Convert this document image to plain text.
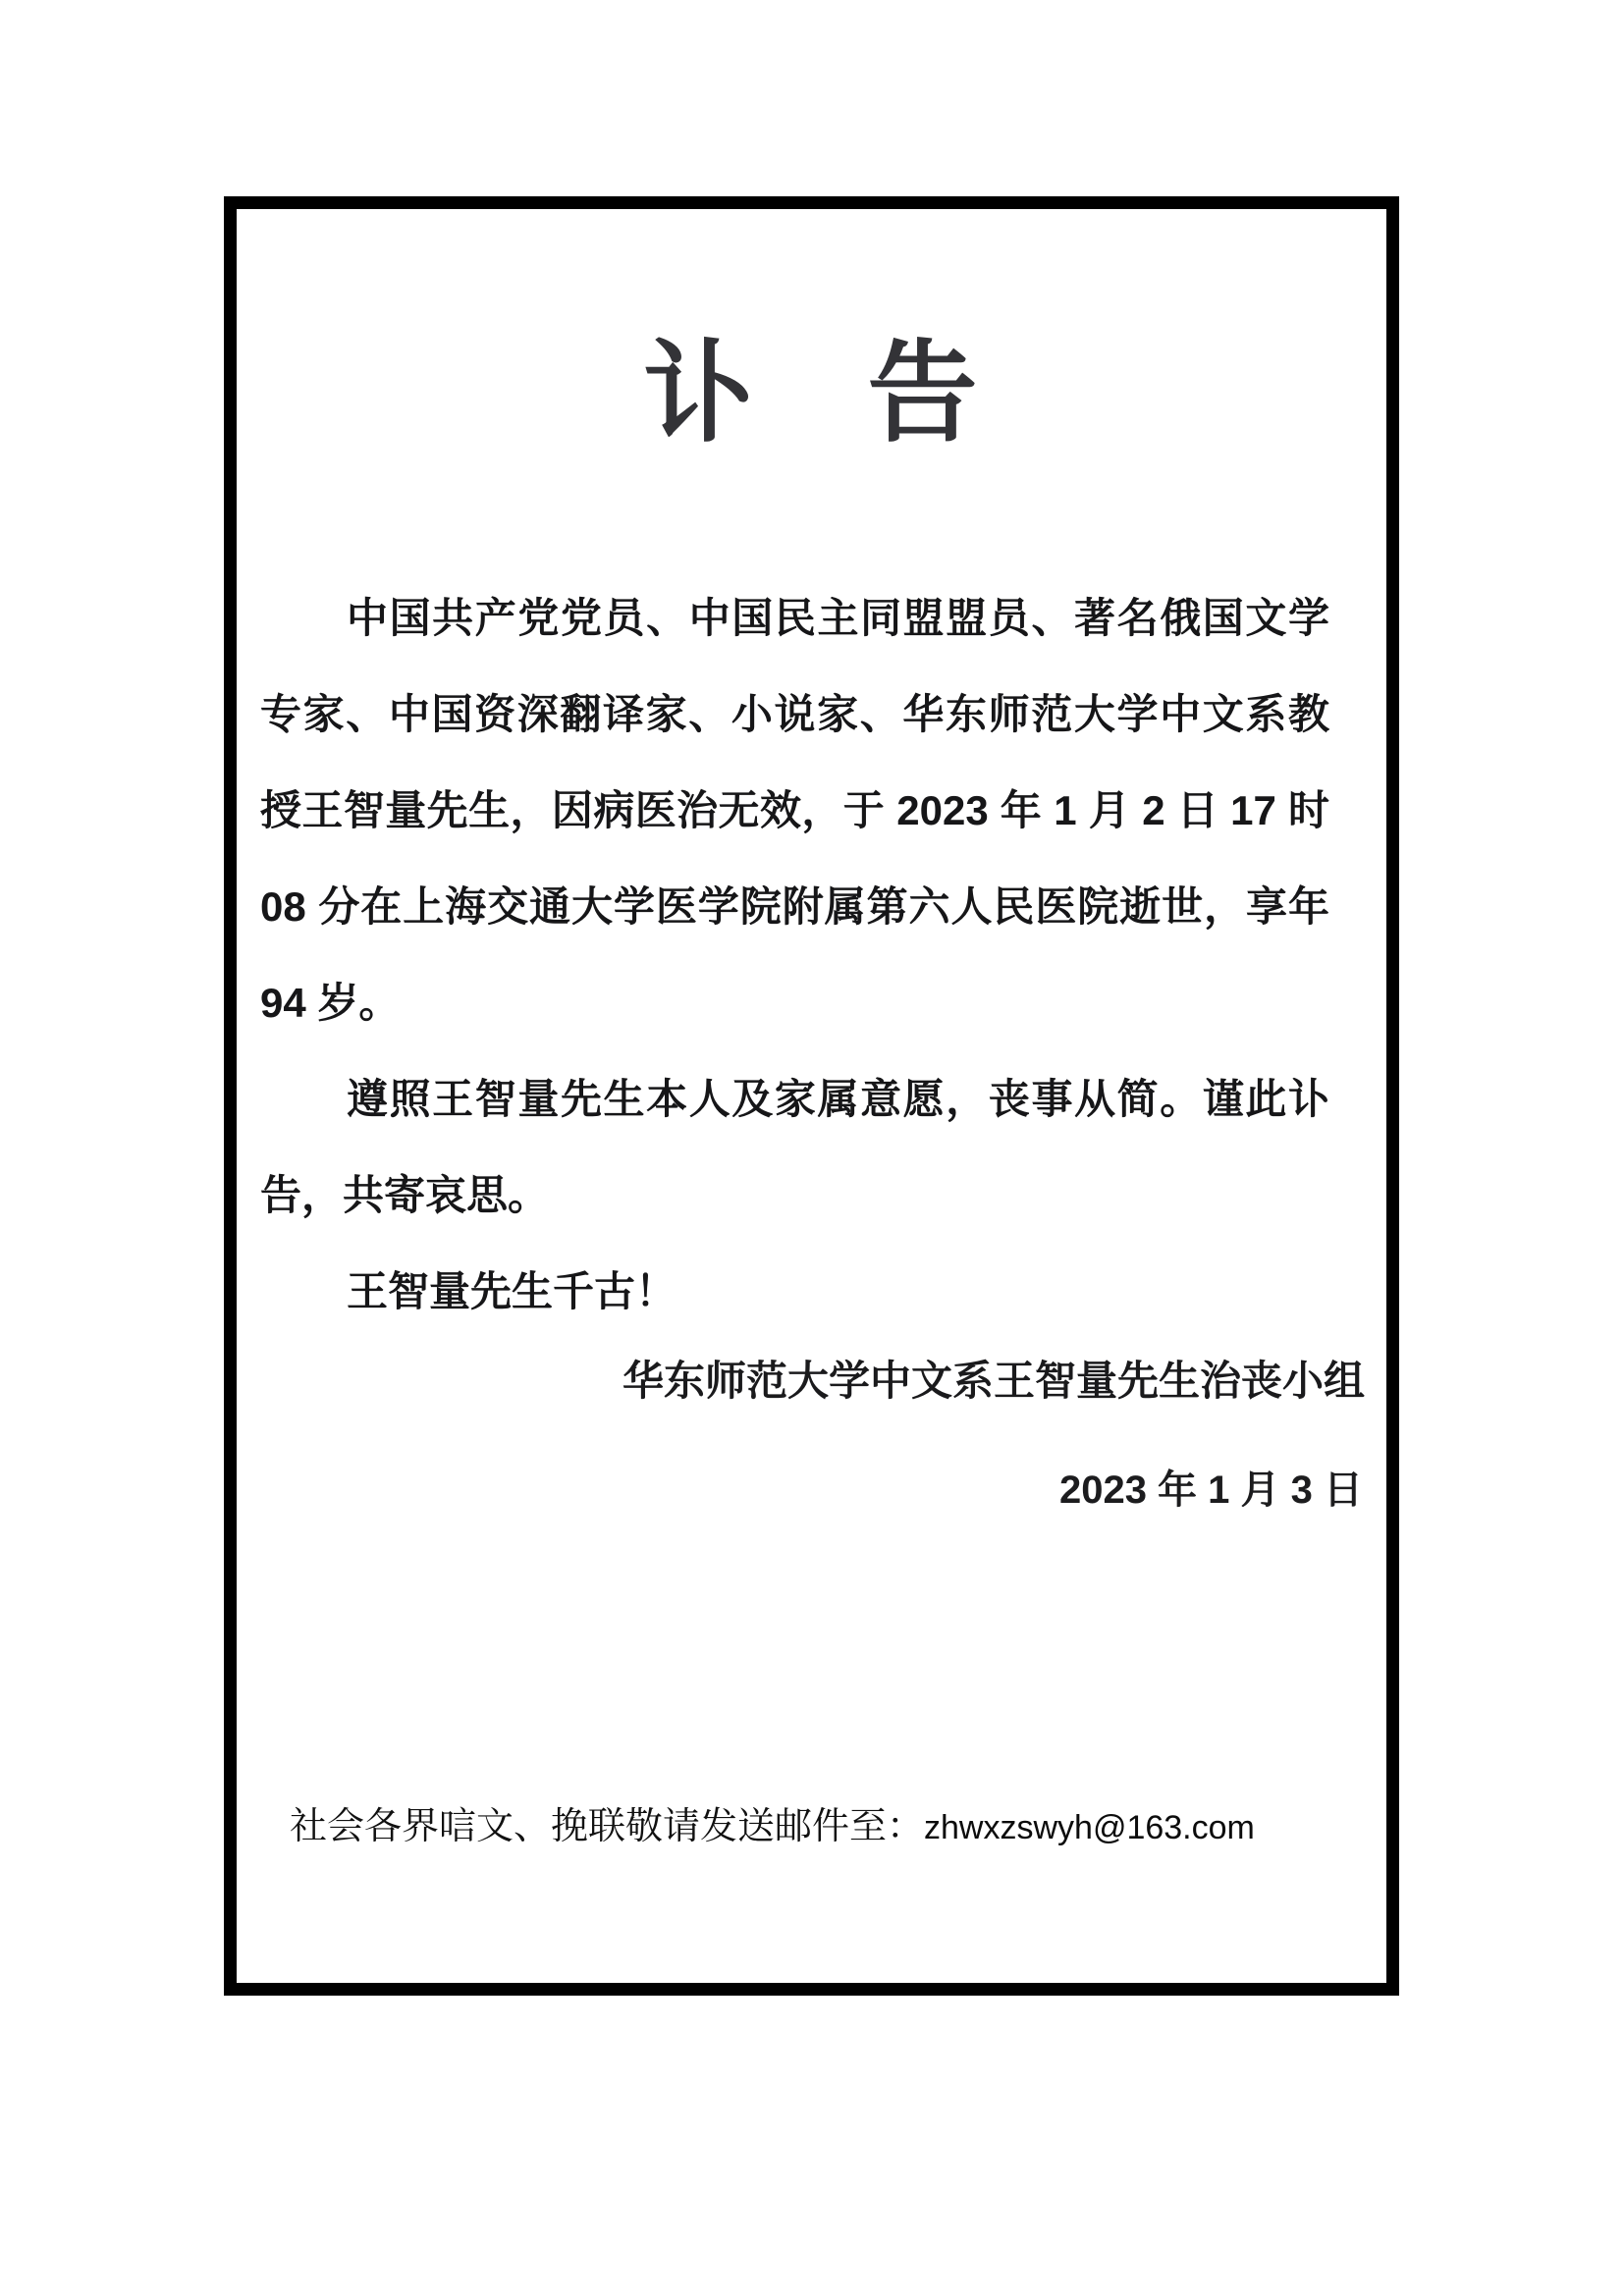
讣　告

中国共产党党员、中国民主同盟盟员、著名俄国文学专家、中国资深翻译家、小说家、华东师范大学中文系教授王智量先生，因病医治无效，于 2023 年 1 月 2 日 17 时 08 分在上海交通大学医学院附属第六人民医院逝世，享年 94 岁。

遵照王智量先生本人及家属意愿，丧事从简。谨此讣告，共寄哀思。

王智量先生千古！

华东师范大学中文系王智量先生治丧小组
2023 年 1 月 3 日
社会各界唁文、挽联敬请发送邮件至：zhwxzswyh@163.com
